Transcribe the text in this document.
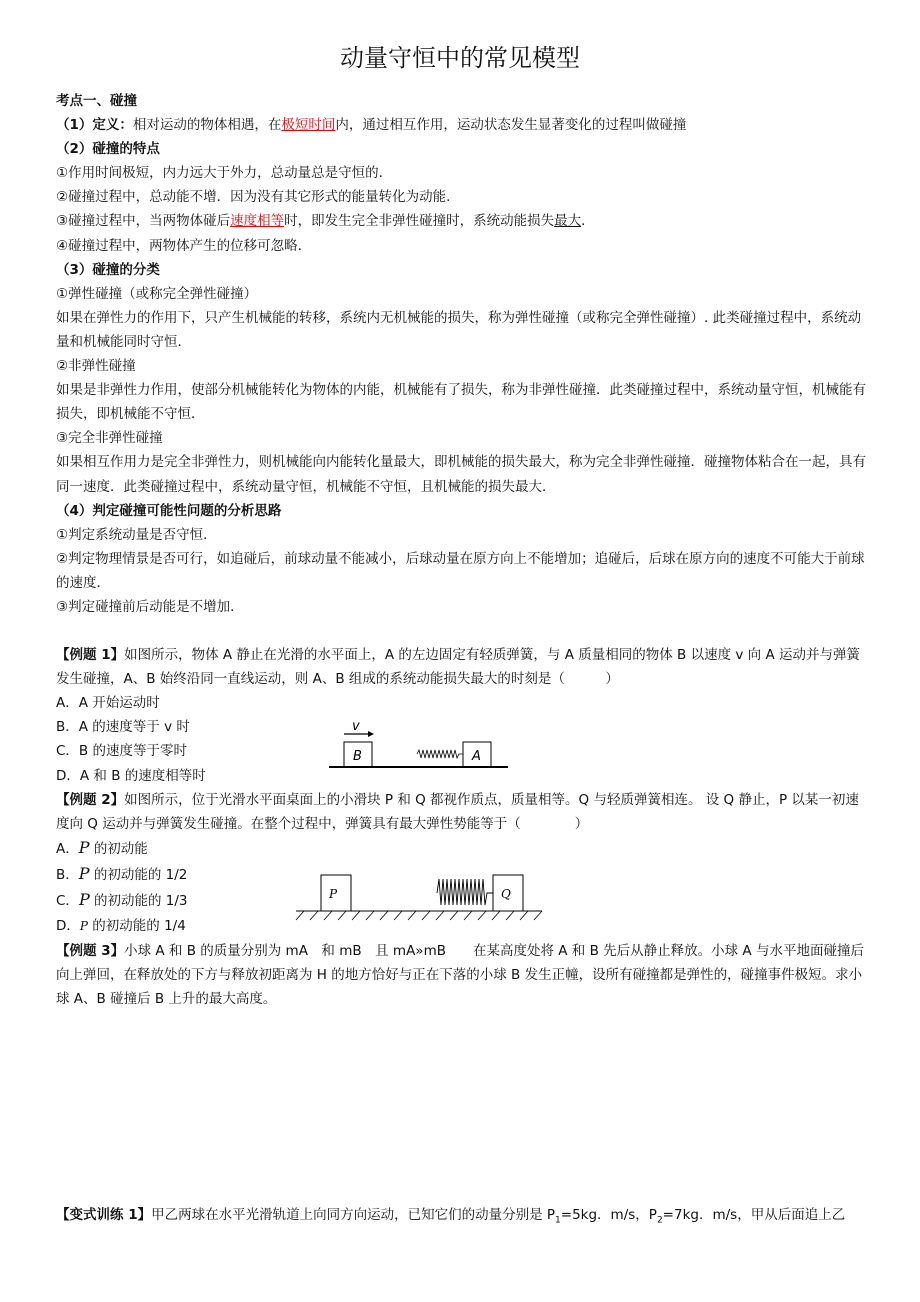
动量守恒中的常见模型
考点一、碰撞
（1）定义：相对运动的物体相遇，在极短时间内，通过相互作用，运动状态发生显著变化的过程叫做碰撞
（2）碰撞的特点
①作用时间极短，内力远大于外力，总动量总是守恒的．
②碰撞过程中，总动能不增．因为没有其它形式的能量转化为动能．
③碰撞过程中，当两物体碰后速度相等时，即发生完全非弹性碰撞时，系统动能损失最大．
④碰撞过程中，两物体产生的位移可忽略．
（3）碰撞的分类
①弹性碰撞（或称完全弹性碰撞）
如果在弹性力的作用下，只产生机械能的转移，系统内无机械能的损失，称为弹性碰撞（或称完全弹性碰撞）. 此类碰撞过程中，系统动量和机械能同时守恒．
②非弹性碰撞
如果是非弹性力作用，使部分机械能转化为物体的内能，机械能有了损失，称为非弹性碰撞．此类碰撞过程中，系统动量守恒，机械能有损失，即机械能不守恒．
③完全非弹性碰撞
如果相互作用力是完全非弹性力，则机械能向内能转化量最大，即机械能的损失最大，称为完全非弹性碰撞．碰撞物体粘合在一起，具有同一速度．此类碰撞过程中，系统动量守恒，机械能不守恒，且机械能的损失最大．
（4）判定碰撞可能性问题的分析思路
①判定系统动量是否守恒．
②判定物理情景是否可行，如追碰后，前球动量不能减小，后球动量在原方向上不能增加；追碰后，后球在原方向的速度不可能大于前球的速度．
③判定碰撞前后动能是不增加．
【例题 1】如图所示，物体 A 静止在光滑的水平面上，A 的左边固定有轻质弹簧，与 A 质量相同的物体 B 以速度 v 向 A 运动并与弹簧发生碰撞，A、B 始终沿同一直线运动，则 A、B 组成的系统动能损失最大的时刻是（　　　）
A．A 开始运动时
B．A 的速度等于 v 时
C．B 的速度等于零时
D．A 和 B 的速度相等时
【例题 2】如图所示，位于光滑水平面桌面上的小滑块 P 和 Q 都视作质点，质量相等。Q 与轻质弹簧相连。 设 Q 静止，P 以某一初速度向 Q 运动并与弹簧发生碰撞。在整个过程中，弹簧具有最大弹性势能等于（　　　　）
A．P 的初动能
B．P 的初动能的 1/2
C．P 的初动能的 1/3
D．P 的初动能的 1/4
【例题 3】小球 A 和 B 的质量分别为 mA　和 mB　且 mA»mB　　在某高度处将 A 和 B 先后从静止释放。小球 A 与水平地面碰撞后向上弹回，在释放处的下方与释放初距离为 H 的地方恰好与正在下落的小球 B 发生正幢，设所有碰撞都是弹性的，碰撞事件极短。求小球 A、B 碰撞后 B 上升的最大高度。
【变式训练 1】甲乙两球在水平光滑轨道上向同方向运动，已知它们的动量分别是 $P_1=5kg$．m/s，$P_2=7kg$．m/s，甲从后面追上乙
v
B	A
P	Q
